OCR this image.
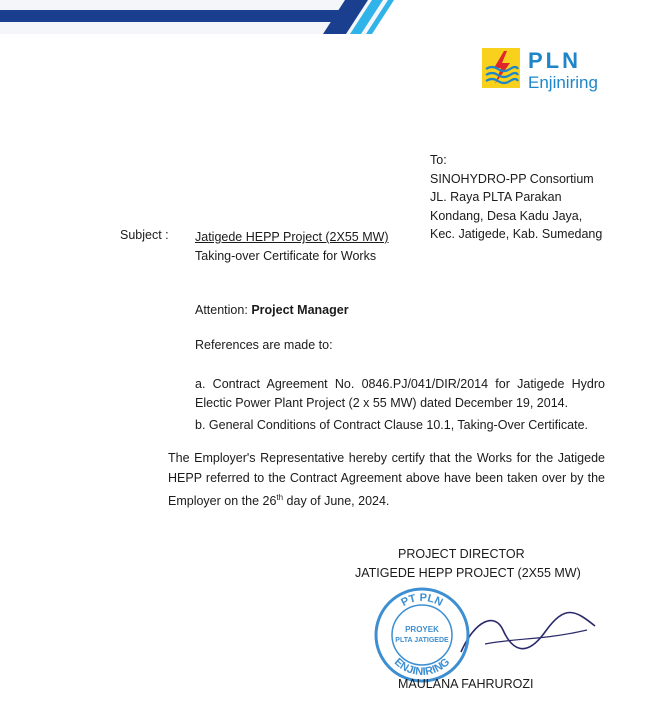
PLN
Enjiniring
To:
SINOHYDRO-PP Consortium
JL. Raya PLTA Parakan
Kondang, Desa Kadu Jaya,
Kec. Jatigede, Kab. Sumedang
Subject : Jatigede HEPP Project (2X55 MW)
Taking-over Certificate for Works
Attention: Project Manager
References are made to:
a. Contract Agreement No. 0846.PJ/041/DIR/2014 for Jatigede Hydro Electic Power Plant Project (2 x 55 MW) dated December 19, 2014.
b. General Conditions of Contract Clause 10.1, Taking-Over Certificate.
The Employer's Representative hereby certify that the Works for the Jatigede HEPP referred to the Contract Agreement above have been taken over by the Employer on the 26th day of June, 2024.
PROJECT DIRECTOR
JATIGEDE HEPP PROJECT (2X55 MW)
PT PLN
ENJINIRING
PROYEK
PLTA JATIGEDE
MAULANA FAHRUROZI
